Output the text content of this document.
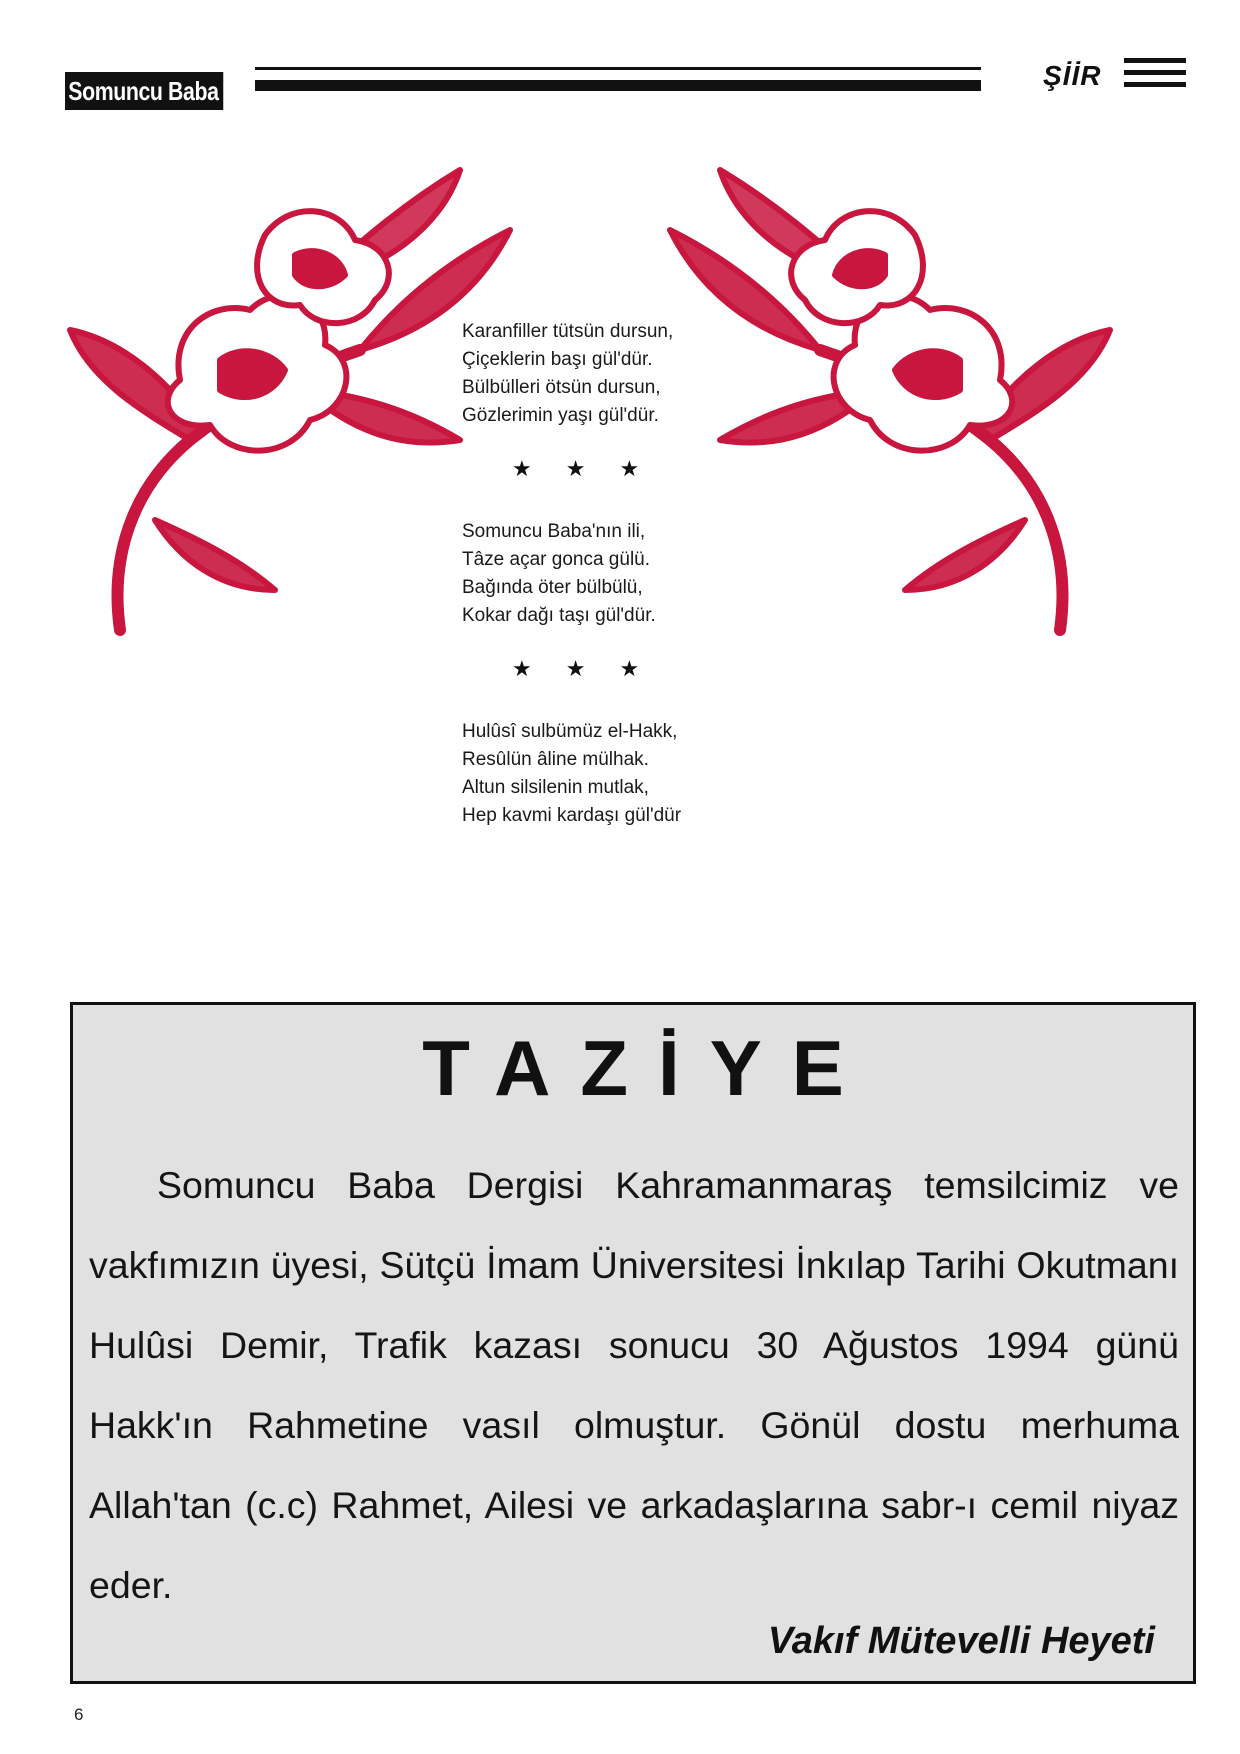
Somuncu Baba	ŞİİR
Karanfiller tütsün dursun,
Çiçeklerin başı gül'dür.
Bülbülleri ötsün dursun,
Gözlerimin yaşı gül'dür.
★★★
Somuncu Baba'nın ili,
Tâze açar gonca gülü.
Bağında öter bülbülü,
Kokar dağı taşı gül'dür.
★★★
Hulûsî sulbümüz el-Hakk,
Resûlün âline mülhak.
Altun silsilenin mutlak,
Hep kavmi kardaşı gül'dür
TAZİYE
Somuncu Baba Dergisi Kahramanmaraş temsilcimiz ve vakfımızın üyesi, Sütçü İmam Üniversitesi İnkılap Tarihi Okutmanı Hulûsi Demir, Trafik kazası sonucu 30 Ağustos 1994 günü Hakk'ın Rahmetine vasıl olmuştur. Gönül dostu merhuma Allah'tan (c.c) Rahmet, Ailesi ve arkadaşlarına sabr-ı cemil niyaz eder.
Vakıf Mütevelli Heyeti
6
